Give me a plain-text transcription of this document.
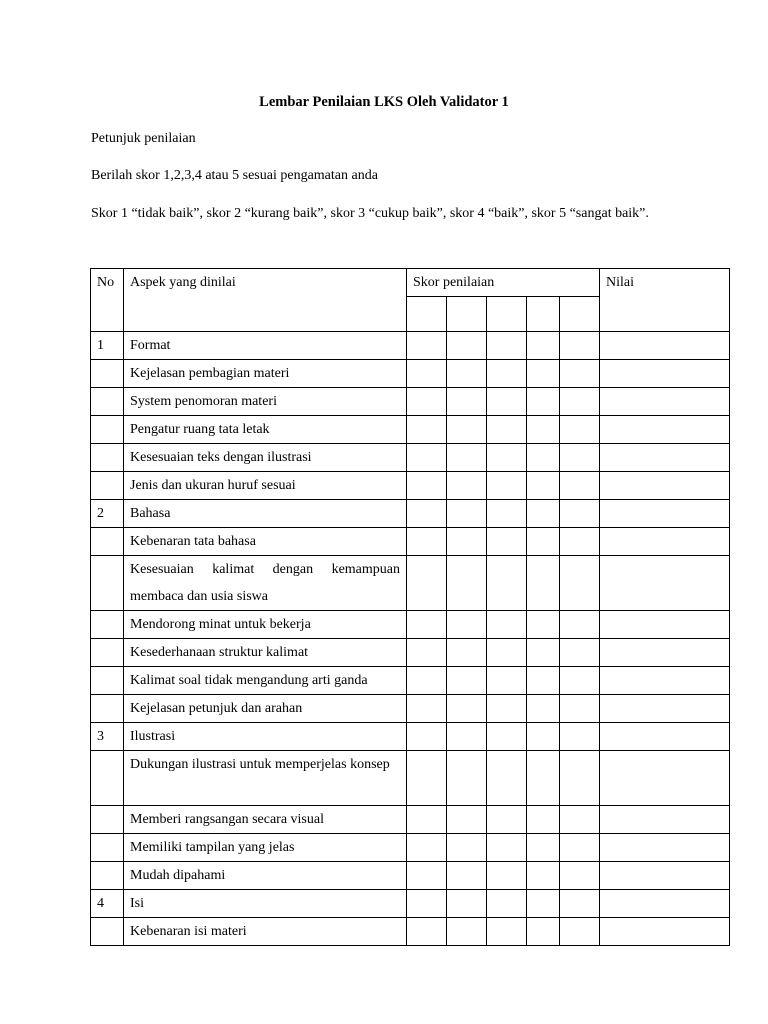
Lembar Penilaian LKS Oleh Validator 1
Petunjuk penilaian
Berilah skor 1,2,3,4 atau 5 sesuai pengamatan anda
Skor 1 “tidak baik”, skor 2 “kurang baik”, skor 3 “cukup baik”, skor 4 “baik”, skor 5 “sangat baik”.
No	Aspek yang dinilai	Skor penilaian					Nilai

1	Format						
	Kejelasan pembagian materi						
	System penomoran materi						
	Pengatur ruang tata letak						
	Kesesuaian teks dengan ilustrasi						
	Jenis dan ukuran huruf sesuai						
2	Bahasa						
	Kebenaran tata bahasa						
	Kesesuaian kalimat dengan kemampuan membaca dan usia siswa						
	Mendorong minat untuk bekerja						
	Kesederhanaan struktur kalimat						
	Kalimat soal tidak mengandung arti ganda						
	Kejelasan petunjuk dan arahan						
3	Ilustrasi						
	Dukungan ilustrasi untuk memperjelas konsep						
	Memberi rangsangan secara visual						
	Memiliki tampilan yang jelas						
	Mudah dipahami						
4	Isi						
	Kebenaran isi materi						
